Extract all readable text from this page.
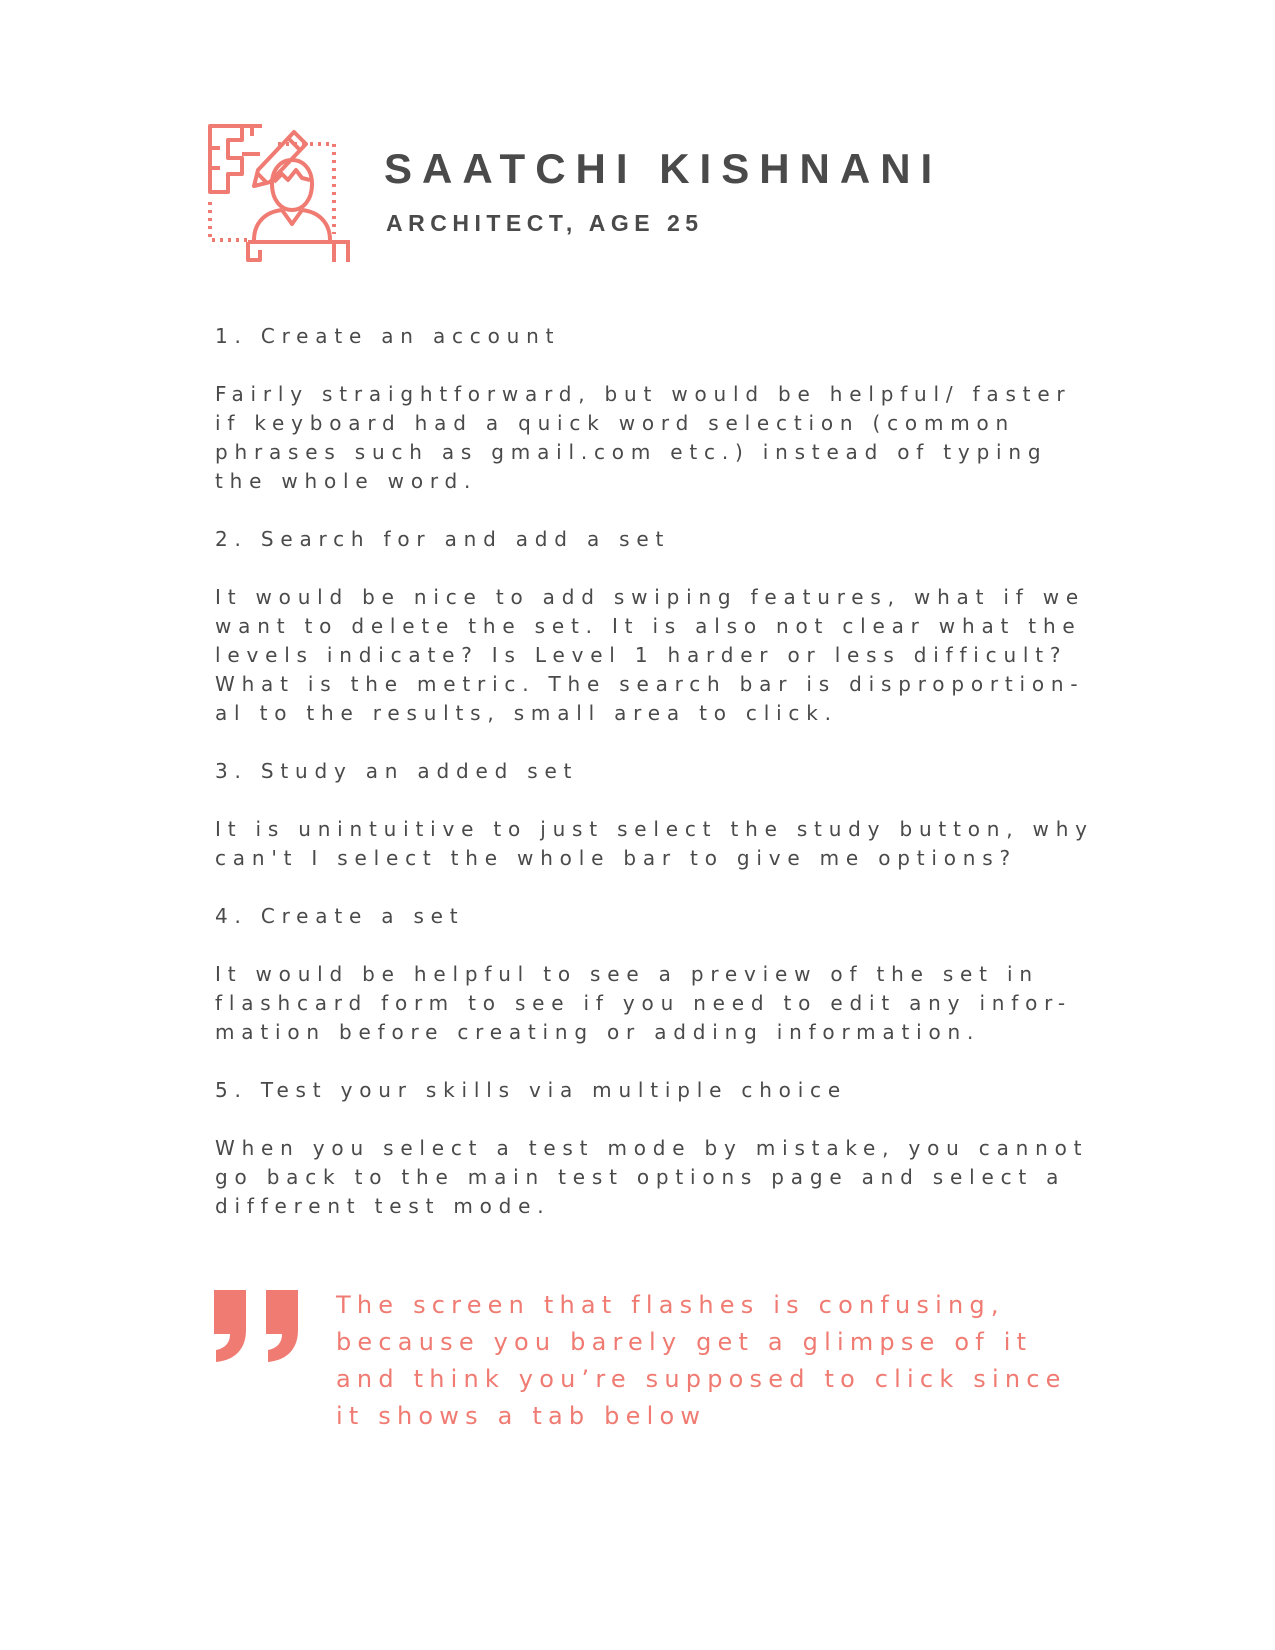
SAATCHI KISHNANI
ARCHITECT, AGE 25

1. Create an account

Fairly straightforward, but would be helpful/ faster
if keyboard had a quick word selection (common
phrases such as gmail.com etc.) instead of typing
the whole word.

2. Search for and add a set

It would be nice to add swiping features, what if we
want to delete the set. It is also not clear what the
levels indicate? Is Level 1 harder or less difficult?
What is the metric. The search bar is disproportion-
al to the results, small area to click.

3. Study an added set

It is unintuitive to just select the study button, why
can't I select the whole bar to give me options?

4. Create a set

It would be helpful to see a preview of the set in
flashcard form to see if you need to edit any infor-
mation before creating or adding information.

5. Test your skills via multiple choice

When you select a test mode by mistake, you cannot
go back to the main test options page and select a
different test mode.

The screen that flashes is confusing,
because you barely get a glimpse of it
and think you’re supposed to click since
it shows a tab below
